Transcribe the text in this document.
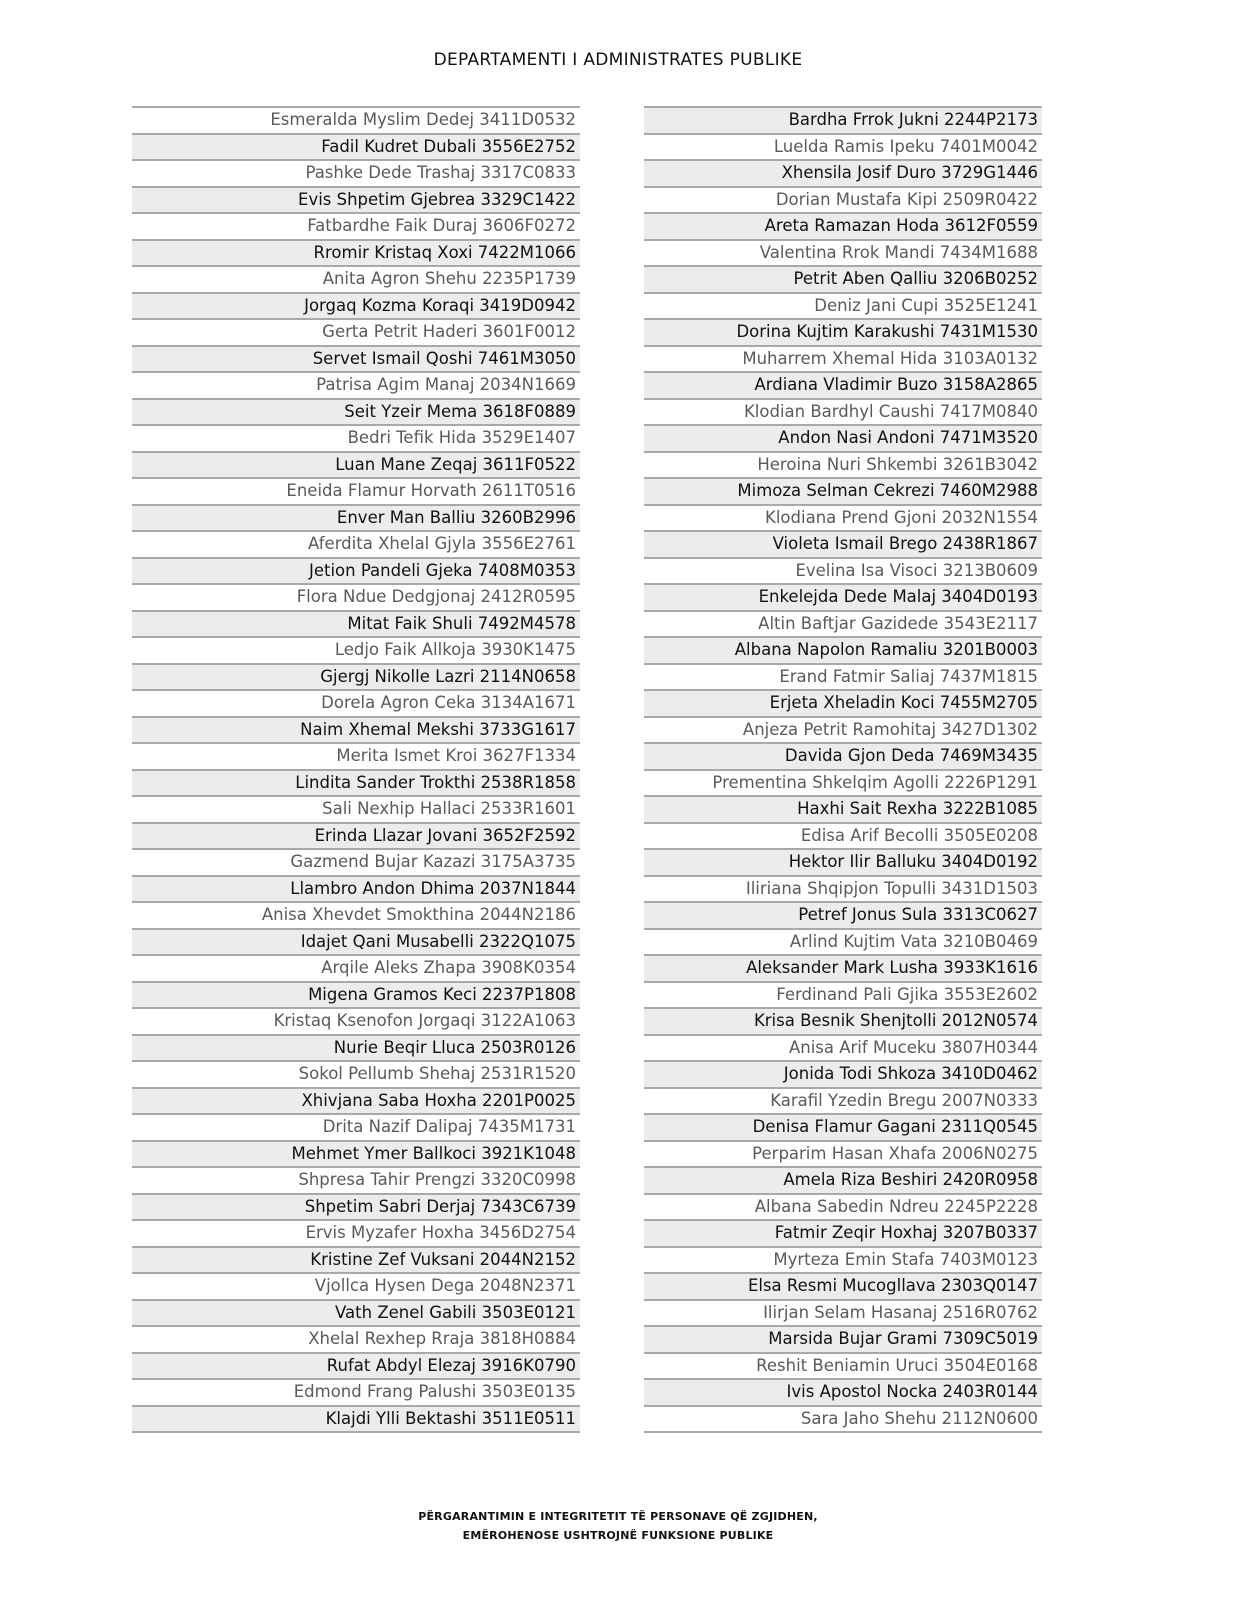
DEPARTAMENTI I ADMINISTRATES PUBLIKE
Esmeralda Myslim Dedej 3411D0532
Fadil Kudret Dubali 3556E2752
Pashke Dede Trashaj 3317C0833
Evis Shpetim Gjebrea 3329C1422
Fatbardhe Faik Duraj 3606F0272
Rromir Kristaq Xoxi 7422M1066
Anita Agron Shehu 2235P1739
Jorgaq Kozma Koraqi 3419D0942
Gerta Petrit Haderi 3601F0012
Servet Ismail Qoshi 7461M3050
Patrisa Agim Manaj 2034N1669
Seit Yzeir Mema 3618F0889
Bedri Tefik Hida 3529E1407
Luan Mane Zeqaj 3611F0522
Eneida Flamur Horvath 2611T0516
Enver Man Balliu 3260B2996
Aferdita Xhelal Gjyla 3556E2761
Jetion Pandeli Gjeka 7408M0353
Flora Ndue Dedgjonaj 2412R0595
Mitat Faik Shuli 7492M4578
Ledjo Faik Allkoja 3930K1475
Gjergj Nikolle Lazri 2114N0658
Dorela Agron Ceka 3134A1671
Naim Xhemal Mekshi 3733G1617
Merita Ismet Kroi 3627F1334
Lindita Sander Trokthi 2538R1858
Sali Nexhip Hallaci 2533R1601
Erinda Llazar Jovani 3652F2592
Gazmend Bujar Kazazi 3175A3735
Llambro Andon Dhima 2037N1844
Anisa Xhevdet Smokthina 2044N2186
Idajet Qani Musabelli 2322Q1075
Arqile Aleks Zhapa 3908K0354
Migena Gramos Keci 2237P1808
Kristaq Ksenofon Jorgaqi 3122A1063
Nurie Beqir Lluca 2503R0126
Sokol Pellumb Shehaj 2531R1520
Xhivjana Saba Hoxha 2201P0025
Drita Nazif Dalipaj 7435M1731
Mehmet Ymer Ballkoci 3921K1048
Shpresa Tahir Prengzi 3320C0998
Shpetim Sabri Derjaj 7343C6739
Ervis Myzafer Hoxha 3456D2754
Kristine Zef Vuksani 2044N2152
Vjollca Hysen Dega 2048N2371
Vath Zenel Gabili 3503E0121
Xhelal Rexhep Rraja 3818H0884
Rufat Abdyl Elezaj 3916K0790
Edmond Frang Palushi 3503E0135
Klajdi Ylli Bektashi 3511E0511
Bardha Frrok Jukni 2244P2173
Luelda Ramis Ipeku 7401M0042
Xhensila Josif Duro 3729G1446
Dorian Mustafa Kipi 2509R0422
Areta Ramazan Hoda 3612F0559
Valentina Rrok Mandi 7434M1688
Petrit Aben Qalliu 3206B0252
Deniz Jani Cupi 3525E1241
Dorina Kujtim Karakushi 7431M1530
Muharrem Xhemal Hida 3103A0132
Ardiana Vladimir Buzo 3158A2865
Klodian Bardhyl Caushi 7417M0840
Andon Nasi Andoni 7471M3520
Heroina Nuri Shkembi 3261B3042
Mimoza Selman Cekrezi 7460M2988
Klodiana Prend Gjoni 2032N1554
Violeta Ismail Brego 2438R1867
Evelina Isa Visoci 3213B0609
Enkelejda Dede Malaj 3404D0193
Altin Baftjar Gazidede 3543E2117
Albana Napolon Ramaliu 3201B0003
Erand Fatmir Saliaj 7437M1815
Erjeta Xheladin Koci 7455M2705
Anjeza Petrit Ramohitaj 3427D1302
Davida Gjon Deda 7469M3435
Prementina Shkelqim Agolli 2226P1291
Haxhi Sait Rexha 3222B1085
Edisa Arif Becolli 3505E0208
Hektor Ilir Balluku 3404D0192
Iliriana Shqipjon Topulli 3431D1503
Petref Jonus Sula 3313C0627
Arlind Kujtim Vata 3210B0469
Aleksander Mark Lusha 3933K1616
Ferdinand Pali Gjika 3553E2602
Krisa Besnik Shenjtolli 2012N0574
Anisa Arif Muceku 3807H0344
Jonida Todi Shkoza 3410D0462
Karafil Yzedin Bregu 2007N0333
Denisa Flamur Gagani 2311Q0545
Perparim Hasan Xhafa 2006N0275
Amela Riza Beshiri 2420R0958
Albana Sabedin Ndreu 2245P2228
Fatmir Zeqir Hoxhaj 3207B0337
Myrteza Emin Stafa 7403M0123
Elsa Resmi Mucogllava 2303Q0147
Ilirjan Selam Hasanaj 2516R0762
Marsida Bujar Grami 7309C5019
Reshit Beniamin Uruci 3504E0168
Ivis Apostol Nocka 2403R0144
Sara Jaho Shehu 2112N0600
PËRGARANTIMIN E INTEGRITETIT TË PERSONAVE QË ZGJIDHEN,
EMËROHENOSE USHTROJNË FUNKSIONE PUBLIKE
